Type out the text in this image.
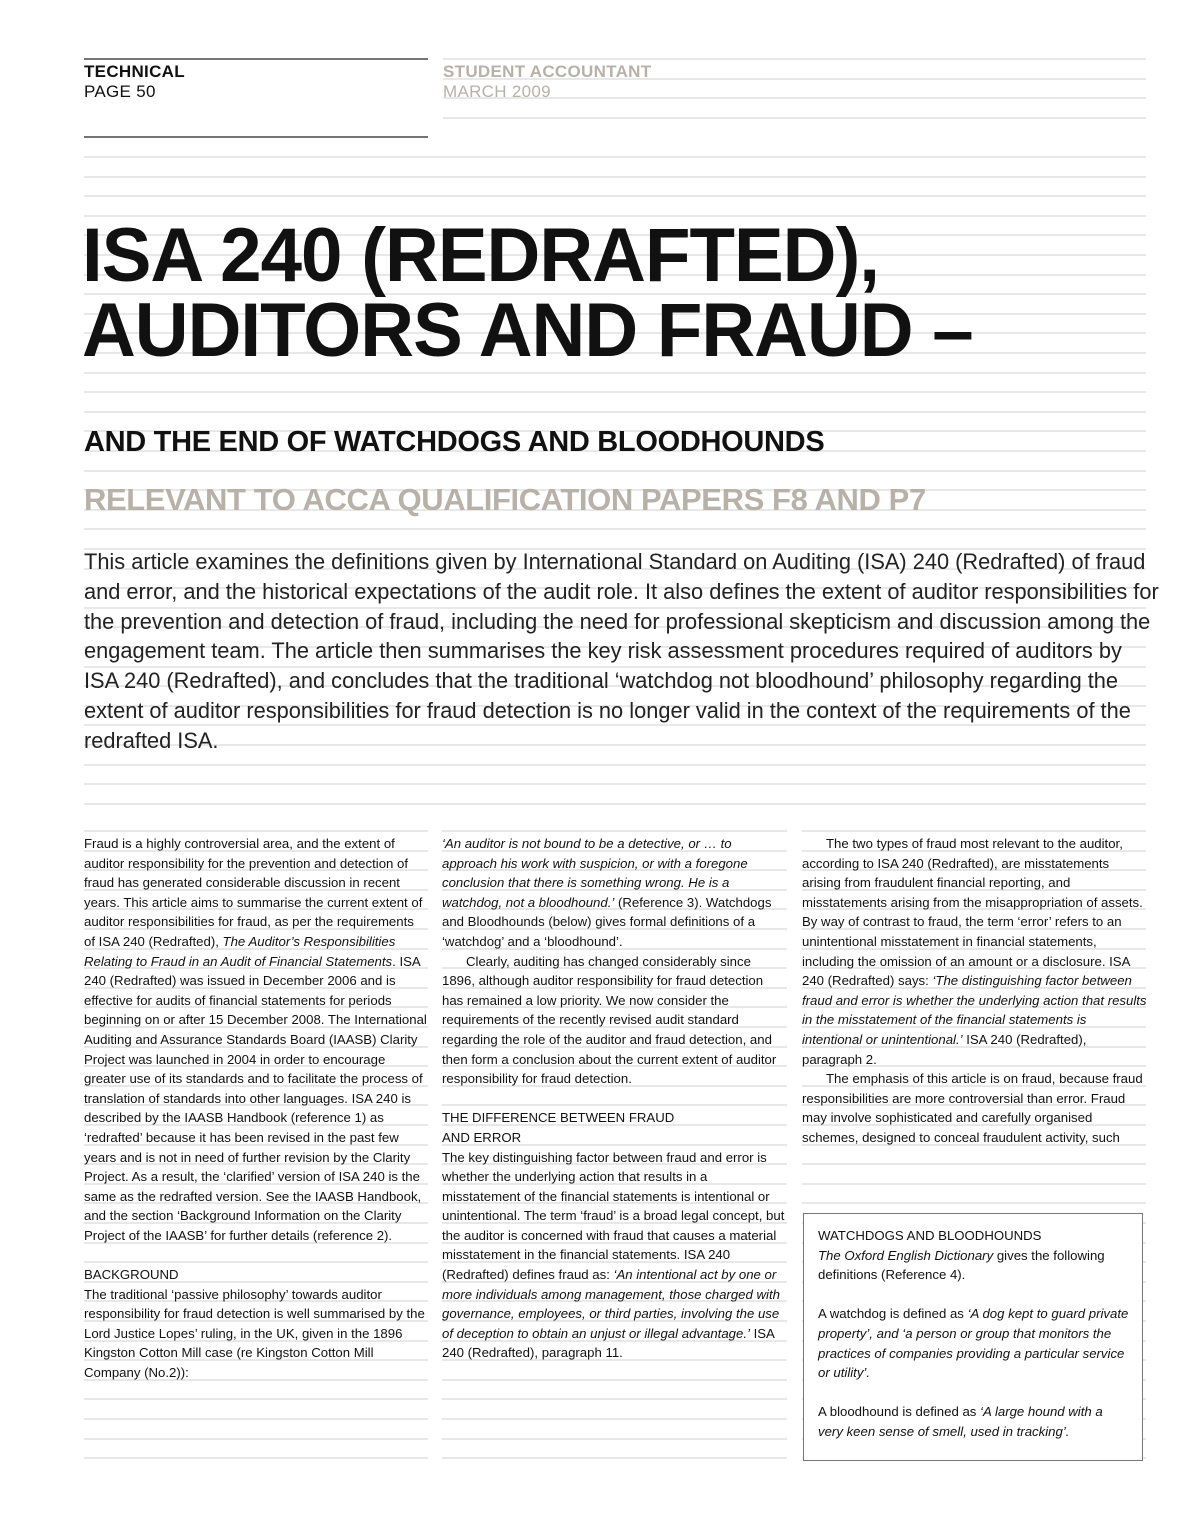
TECHNICAL
PAGE 50
STUDENT ACCOUNTANT
MARCH 2009
ISA 240 (REDRAFTED),
AUDITORS AND FRAUD –
AND THE END OF WATCHDOGS AND BLOODHOUNDS
RELEVANT TO ACCA QUALIFICATION PAPERS F8 AND P7
This article examines the definitions given by International Standard on Auditing (ISA) 240 (Redrafted) of fraud and error, and the historical expectations of the audit role. It also defines the extent of auditor responsibilities for the prevention and detection of fraud, including the need for professional skepticism and discussion among the engagement team. The article then summarises the key risk assessment procedures required of auditors by ISA 240 (Redrafted), and concludes that the traditional ‘watchdog not bloodhound’ philosophy regarding the extent of auditor responsibilities for fraud detection is no longer valid in the context of the requirements of the redrafted ISA.

Fraud is a highly controversial area, and the extent of auditor responsibility for the prevention and detection of fraud has generated considerable discussion in recent years. This article aims to summarise the current extent of auditor responsibilities for fraud, as per the requirements of ISA 240 (Redrafted), The Auditor’s Responsibilities Relating to Fraud in an Audit of Financial Statements. ISA 240 (Redrafted) was issued in December 2006 and is effective for audits of financial statements for periods beginning on or after 15 December 2008. The International Auditing and Assurance Standards Board (IAASB) Clarity Project was launched in 2004 in order to encourage greater use of its standards and to facilitate the process of translation of standards into other languages. ISA 240 is described by the IAASB Handbook (reference 1) as ‘redrafted’ because it has been revised in the past few years and is not in need of further revision by the Clarity Project. As a result, the ‘clarified’ version of ISA 240 is the same as the redrafted version. See the IAASB Handbook, and the section ‘Background Information on the Clarity Project of the IAASB’ for further details (reference 2).

BACKGROUND

The traditional ‘passive philosophy’ towards auditor responsibility for fraud detection is well summarised by the Lord Justice Lopes’ ruling, in the UK, given in the 1896 Kingston Cotton Mill case (re Kingston Cotton Mill Company (No.2)):

‘An auditor is not bound to be a detective, or … to approach his work with suspicion, or with a foregone conclusion that there is something wrong. He is a watchdog, not a bloodhound.’ (Reference 3). Watchdogs and Bloodhounds (below) gives formal definitions of a ‘watchdog’ and a ‘bloodhound’.

Clearly, auditing has changed considerably since 1896, although auditor responsibility for fraud detection has remained a low priority. We now consider the requirements of the recently revised audit standard regarding the role of the auditor and fraud detection, and then form a conclusion about the current extent of auditor responsibility for fraud detection.

THE DIFFERENCE BETWEEN FRAUD
AND ERROR

The key distinguishing factor between fraud and error is whether the underlying action that results in a misstatement of the financial statements is intentional or unintentional. The term ‘fraud’ is a broad legal concept, but the auditor is concerned with fraud that causes a material misstatement in the financial statements. ISA 240 (Redrafted) defines fraud as: ‘An intentional act by one or more individuals among management, those charged with governance, employees, or third parties, involving the use of deception to obtain an unjust or illegal advantage.’ ISA 240 (Redrafted), paragraph 11.

The two types of fraud most relevant to the auditor, according to ISA 240 (Redrafted), are misstatements arising from fraudulent financial reporting, and misstatements arising from the misappropriation of assets. By way of contrast to fraud, the term ‘error’ refers to an unintentional misstatement in financial statements, including the omission of an amount or a disclosure. ISA 240 (Redrafted) says: ‘The distinguishing factor between fraud and error is whether the underlying action that results in the misstatement of the financial statements is intentional or unintentional.’ ISA 240 (Redrafted), paragraph 2.

The emphasis of this article is on fraud, because fraud responsibilities are more controversial than error. Fraud may involve sophisticated and carefully organised schemes, designed to conceal fraudulent activity, such

WATCHDOGS AND BLOODHOUNDS

The Oxford English Dictionary gives the following definitions (Reference 4).

A watchdog is defined as ‘A dog kept to guard private property’, and ‘a person or group that monitors the practices of companies providing a particular service or utility’.

A bloodhound is defined as ‘A large hound with a very keen sense of smell, used in tracking’.
